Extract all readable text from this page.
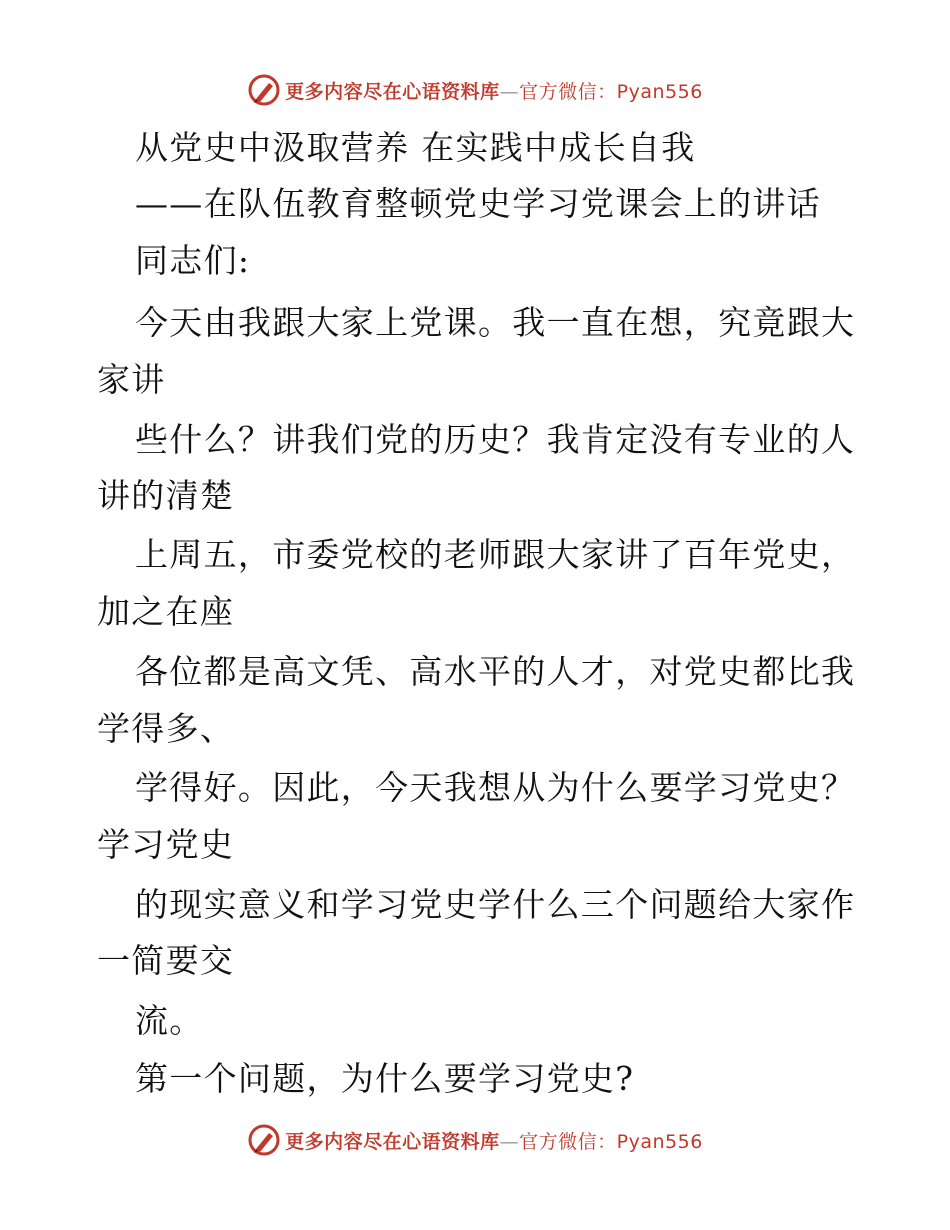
更多内容尽在心语资料库—官方微信：Pyan556
从党史中汲取营养 在实践中成长自我
——在队伍教育整顿党史学习党课会上的讲话
同志们:
今天由我跟大家上党课。我一直在想，究竟跟大
家讲
些什么？讲我们党的历史？我肯定没有专业的人
讲的清楚
上周五，市委党校的老师跟大家讲了百年党史，
加之在座
各位都是高文凭、高水平的人才，对党史都比我
学得多、
学得好。因此，今天我想从为什么要学习党史？
学习党史
的现实意义和学习党史学什么三个问题给大家作
一简要交
流。
第一个问题，为什么要学习党史?
更多内容尽在心语资料库—官方微信：Pyan556
